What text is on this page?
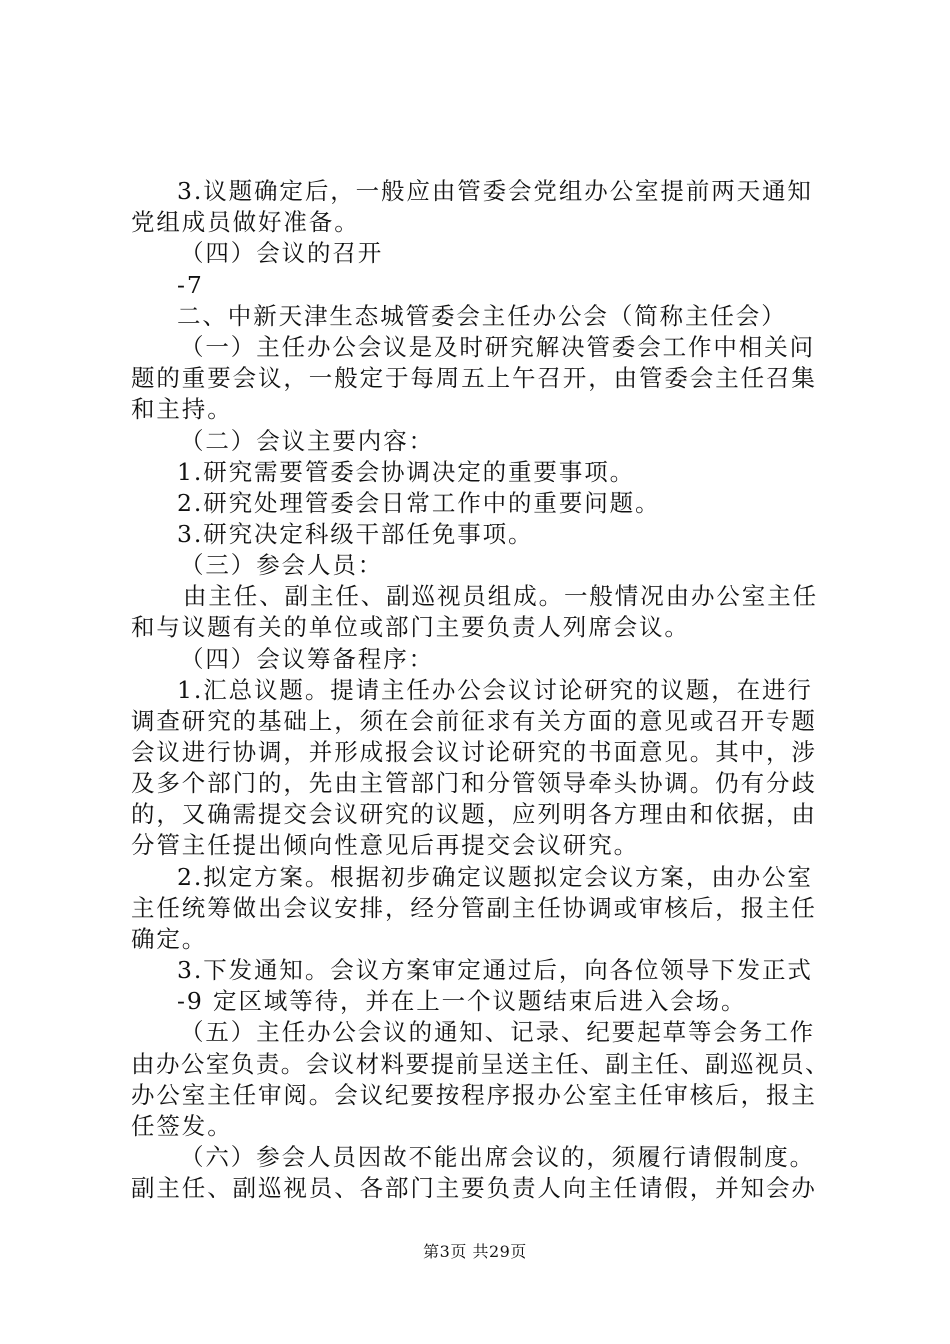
3.议题确定后，一般应由管委会党组办公室提前两天通知
党组成员做好准备。
（四）会议的召开
-7
二、中新天津生态城管委会主任办公会（简称主任会）
（一）主任办公会议是及时研究解决管委会工作中相关问
题的重要会议，一般定于每周五上午召开，由管委会主任召集
和主持。
（二）会议主要内容：
1.研究需要管委会协调决定的重要事项。
2.研究处理管委会日常工作中的重要问题。
3.研究决定科级干部任免事项。
（三）参会人员：
由主任、副主任、副巡视员组成。一般情况由办公室主任
和与议题有关的单位或部门主要负责人列席会议。
（四）会议筹备程序：
1.汇总议题。提请主任办公会议讨论研究的议题，在进行
调查研究的基础上，须在会前征求有关方面的意见或召开专题
会议进行协调，并形成报会议讨论研究的书面意见。其中，涉
及多个部门的，先由主管部门和分管领导牵头协调。仍有分歧
的，又确需提交会议研究的议题，应列明各方理由和依据，由
分管主任提出倾向性意见后再提交会议研究。
2.拟定方案。根据初步确定议题拟定会议方案，由办公室
主任统筹做出会议安排，经分管副主任协调或审核后，报主任
确定。
3.下发通知。会议方案审定通过后，向各位领导下发正式
-9 定区域等待，并在上一个议题结束后进入会场。
（五）主任办公会议的通知、记录、纪要起草等会务工作
由办公室负责。会议材料要提前呈送主任、副主任、副巡视员、
办公室主任审阅。会议纪要按程序报办公室主任审核后，报主
任签发。
（六）参会人员因故不能出席会议的，须履行请假制度。
副主任、副巡视员、各部门主要负责人向主任请假，并知会办
第3页 共29页
